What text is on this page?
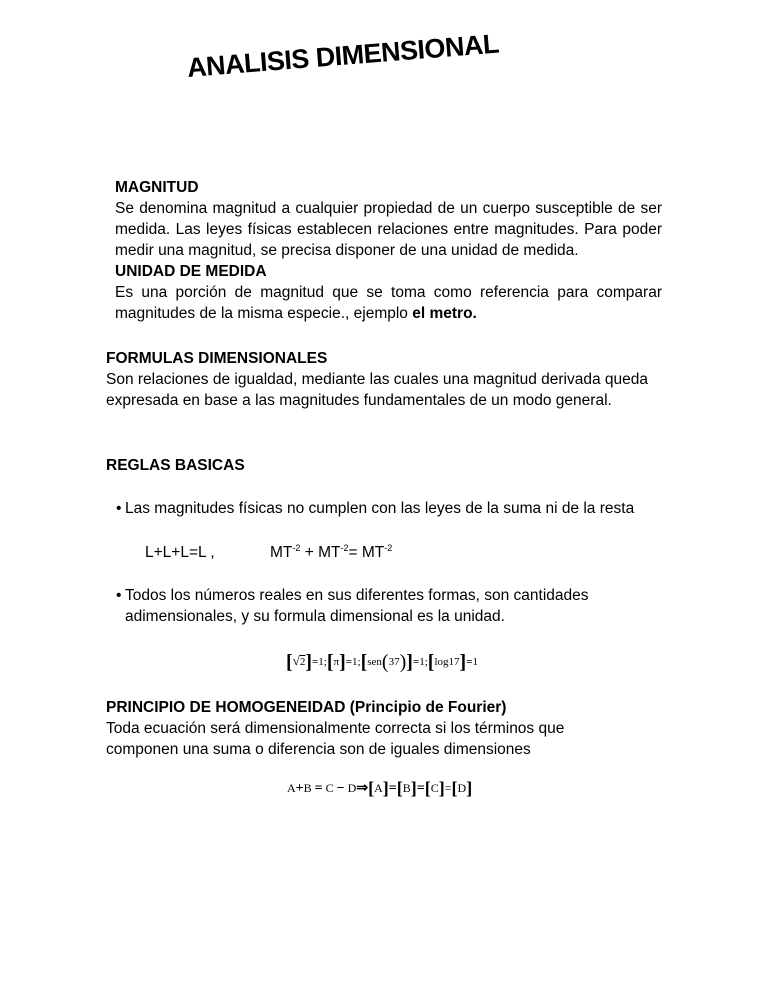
ANALISIS DIMENSIONAL

MAGNITUD

Se denomina magnitud a cualquier propiedad de un cuerpo susceptible de ser medida. Las leyes físicas establecen relaciones entre magnitudes. Para poder medir una magnitud, se precisa disponer de una unidad de medida.

UNIDAD DE MEDIDA

Es una porción de magnitud que se toma como referencia para comparar magnitudes de la misma especie., ejemplo el metro.

FORMULAS DIMENSIONALES

Son relaciones de igualdad, mediante las cuales una magnitud derivada queda expresada en base a las magnitudes fundamentales de un modo general.

REGLAS BASICAS
• Las magnitudes físicas no cumplen con las leyes de la suma ni de la resta
L+L+L=L ,	$MT^{-2} + MT^{-2}= MT^{-2}$
• Todos los números reales en sus diferentes formas, son cantidades
adimensionales, y su formula dimensional es la unidad.
[√2]=1;[π]=1;[sen(37)]=1;[log17]=1
PRINCIPIO DE HOMOGENEIDAD (Principio de Fourier)
Toda ecuación será dimensionalmente correcta si los términos que
componen una suma o diferencia son de iguales dimensiones
A+B = C − D⇒[A]=[B]=[C]=[D]
